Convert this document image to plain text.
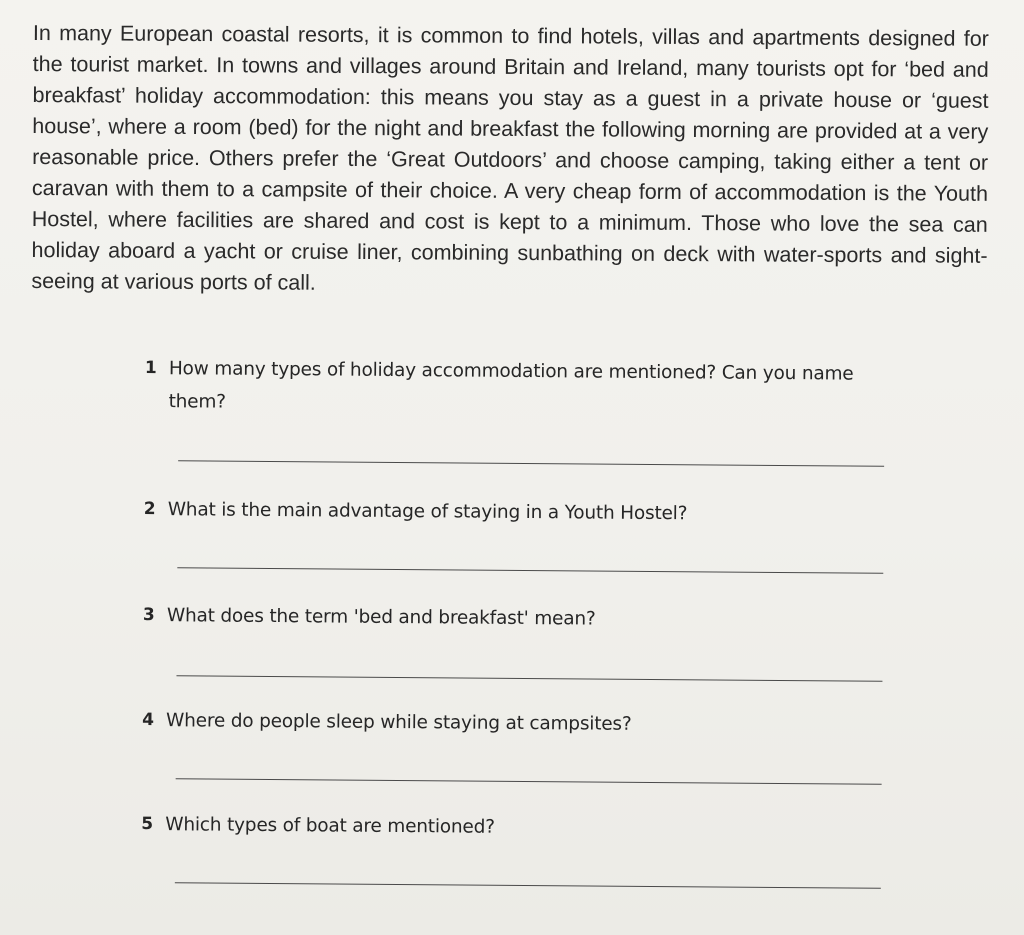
In many European coastal resorts, it is common to find hotels, villas and apartments designed for the tourist market. In towns and villages around Britain and Ireland, many tourists opt for ‘bed and breakfast’ holiday accommodation: this means you stay as a guest in a private house or ‘guest house’, where a room (bed) for the night and breakfast the following morning are provided at a very reasonable price. Others prefer the ‘Great Outdoors’ and choose camping, taking either a tent or caravan with them to a campsite of their choice. A very cheap form of accommodation is the Youth Hostel, where facilities are shared and cost is kept to a minimum. Those who love the sea can holiday aboard a yacht or cruise liner, combining sunbathing on deck with water-sports and sight-seeing at various ports of call.

1 How many types of holiday accommodation are mentioned? Can you name them?
2 What is the main advantage of staying in a Youth Hostel?
3 What does the term 'bed and breakfast' mean?
4 Where do people sleep while staying at campsites?
5 Which types of boat are mentioned?
